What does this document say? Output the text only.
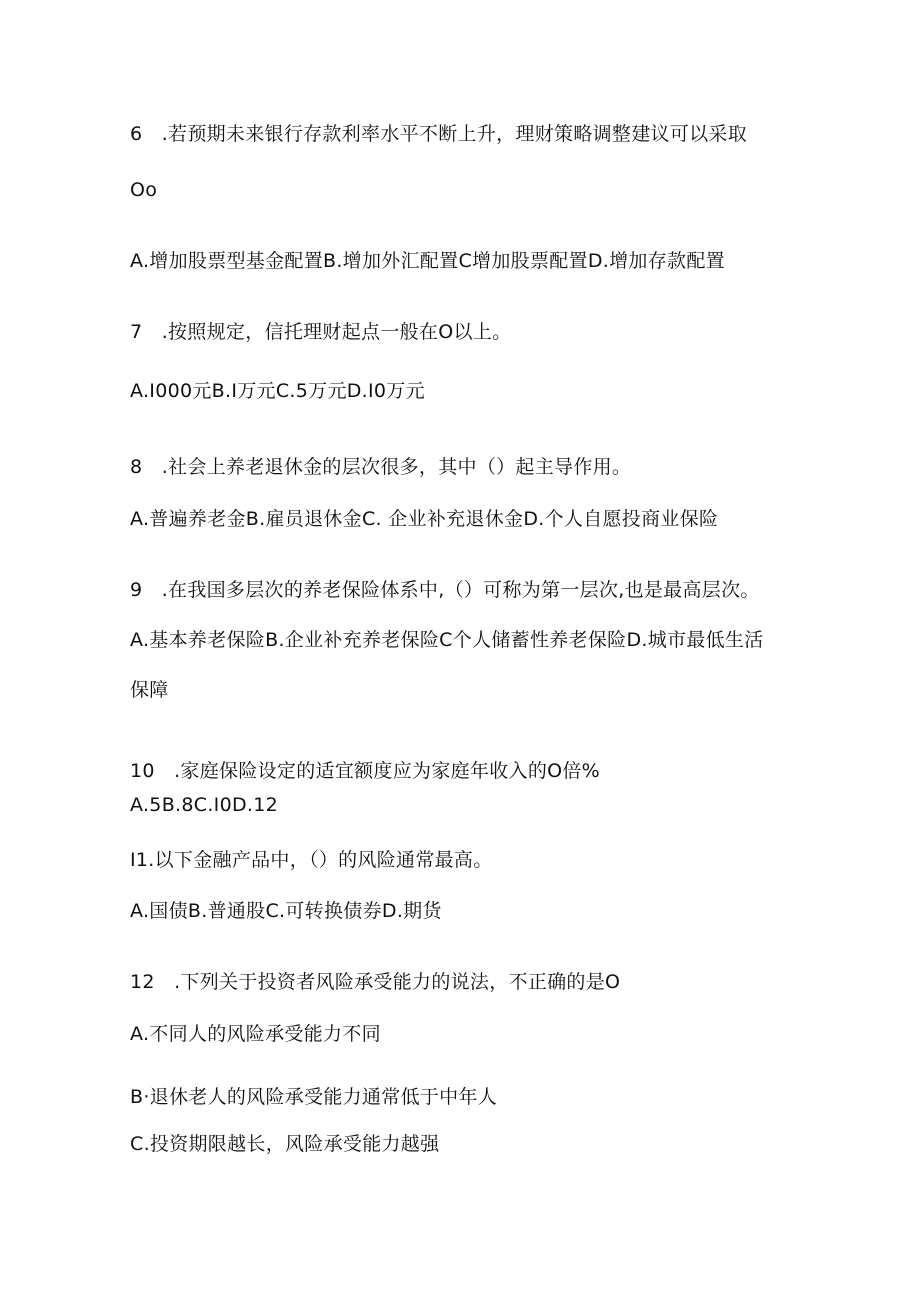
6　.若预期未来银行存款利率水平不断上升，理财策略调整建议可以采取
Oo
A.增加股票型基金配置B.增加外汇配置C增加股票配置D.增加存款配置
7　.按照规定，信托理财起点一般在O以上。
A.I000元B.I万元C.5万元D.I0万元
8　.社会上养老退休金的层次很多，其中（）起主导作用。
A.普遍养老金B.雇员退休金C. 企业补充退休金D.个人自愿投商业保险
9　.在我国多层次的养老保险体系中,（）可称为第一层次,也是最高层次。
A.基本养老保险B.企业补充养老保险C个人储蓄性养老保险D.城市最低生活
保障
10　.家庭保险设定的适宜额度应为家庭年收入的O倍%
A.5B.8C.I0D.12
I1.以下金融产品中，（）的风险通常最高。
A.国债B.普通股C.可转换债券D.期货
12　.下列关于投资者风险承受能力的说法，不正确的是O
A.不同人的风险承受能力不同
B·退休老人的风险承受能力通常低于中年人
C.投资期限越长，风险承受能力越强
